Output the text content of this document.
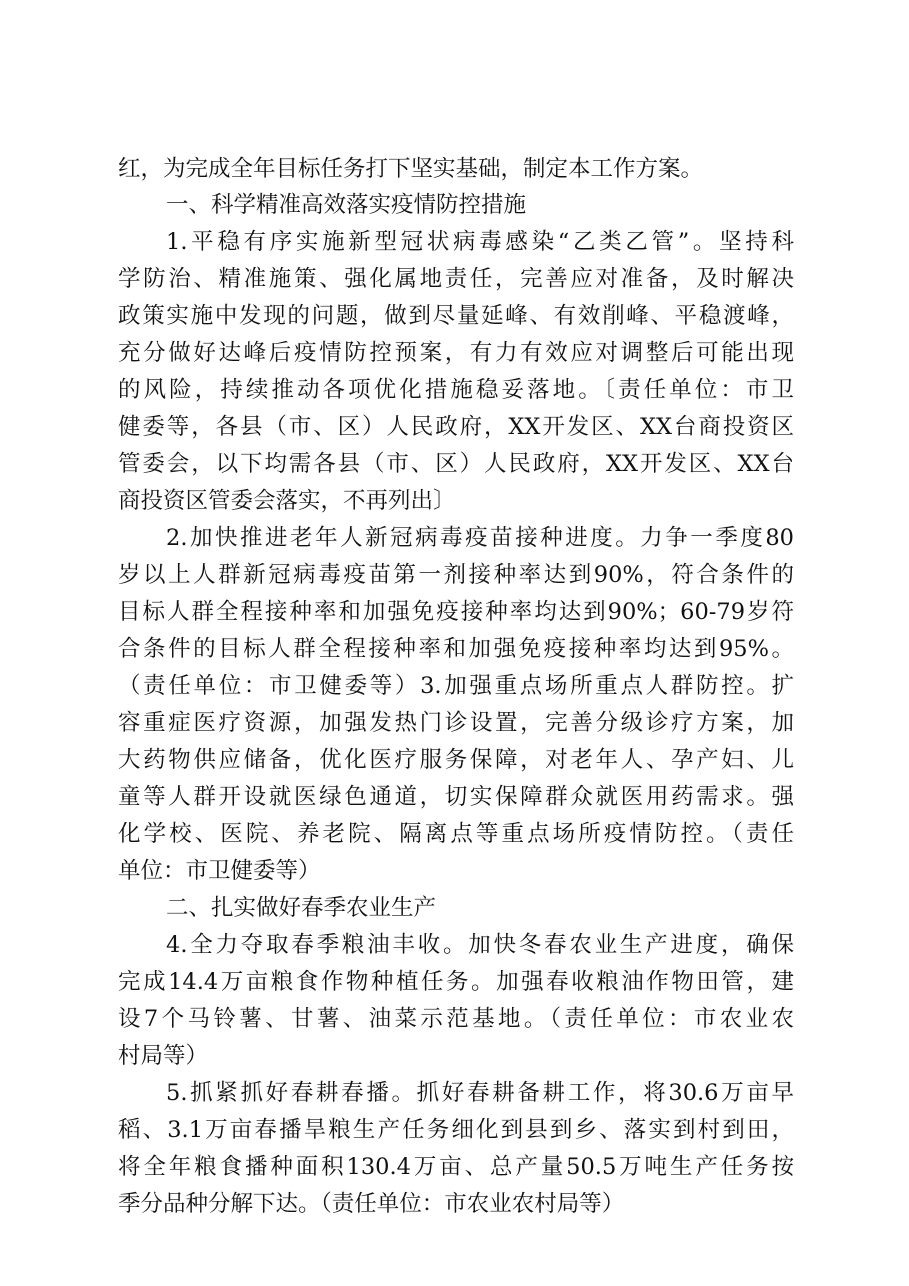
红，为完成全年目标任务打下坚实基础，制定本工作方案。
一、科学精准高效落实疫情防控措施
1.平稳有序实施新型冠状病毒感染“乙类乙管”。坚持科
学防治、精准施策、强化属地责任，完善应对准备，及时解决
政策实施中发现的问题，做到尽量延峰、有效削峰、平稳渡峰，
充分做好达峰后疫情防控预案，有力有效应对调整后可能出现
的风险，持续推动各项优化措施稳妥落地。〔责任单位：市卫
健委等，各县（市、区）人民政府，XX开发区、XX台商投资区
管委会，以下均需各县（市、区）人民政府，XX开发区、XX台
商投资区管委会落实，不再列出〕
2.加快推进老年人新冠病毒疫苗接种进度。力争一季度80
岁以上人群新冠病毒疫苗第一剂接种率达到90%，符合条件的
目标人群全程接种率和加强免疫接种率均达到90%；60-79岁符
合条件的目标人群全程接种率和加强免疫接种率均达到95%。
（责任单位：市卫健委等）3.加强重点场所重点人群防控。扩
容重症医疗资源，加强发热门诊设置，完善分级诊疗方案，加
大药物供应储备，优化医疗服务保障，对老年人、孕产妇、儿
童等人群开设就医绿色通道，切实保障群众就医用药需求。强
化学校、医院、养老院、隔离点等重点场所疫情防控。（责任
单位：市卫健委等）
二、扎实做好春季农业生产
4.全力夺取春季粮油丰收。加快冬春农业生产进度，确保
完成14.4万亩粮食作物种植任务。加强春收粮油作物田管，建
设7个马铃薯、甘薯、油菜示范基地。（责任单位：市农业农
村局等）
5.抓紧抓好春耕春播。抓好春耕备耕工作，将30.6万亩早
稻、3.1万亩春播旱粮生产任务细化到县到乡、落实到村到田，
将全年粮食播种面积130.4万亩、总产量50.5万吨生产任务按
季分品种分解下达。（责任单位：市农业农村局等）
